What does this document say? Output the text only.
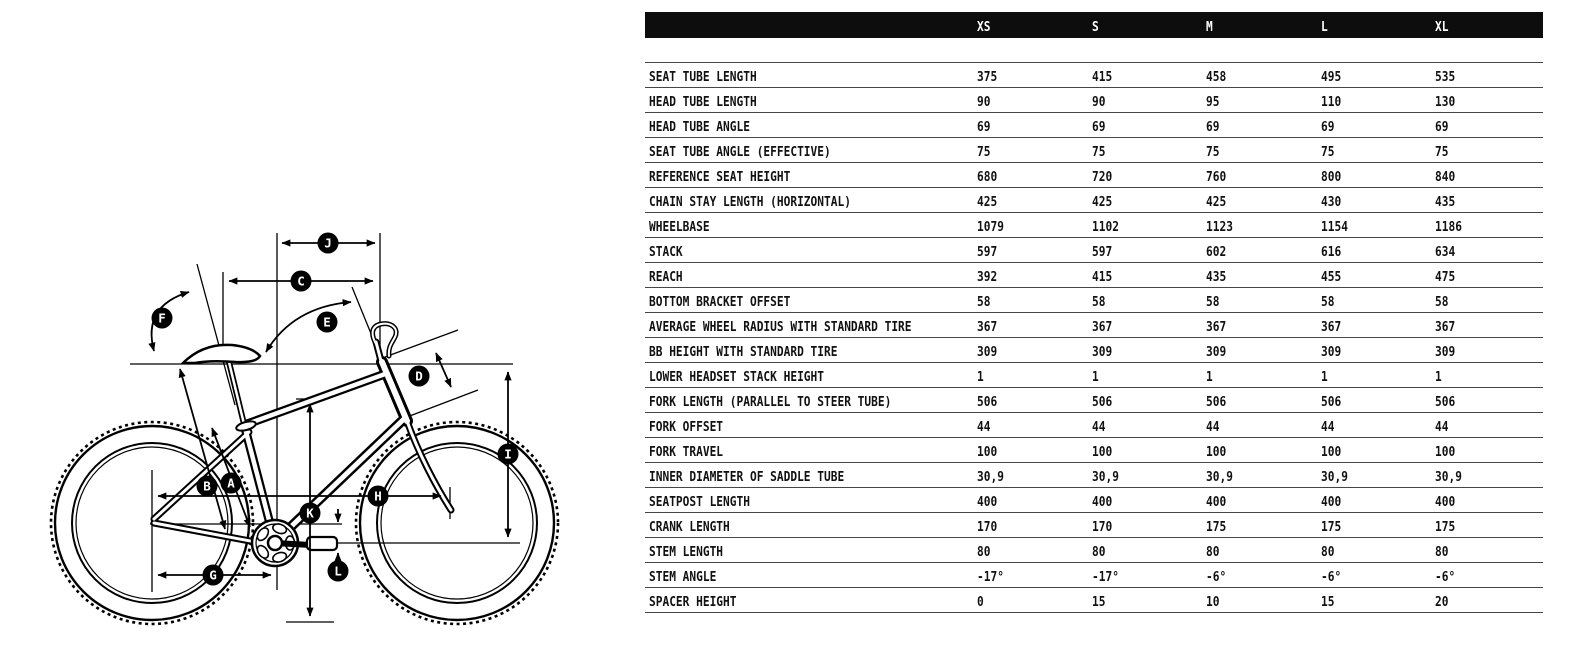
A
B
C
D
E
F
G
H
I
J
K
L
XS	S	M	L	XL
SEAT TUBE LENGTH	375	415	458	495	535
HEAD TUBE LENGTH	90	90	95	110	130
HEAD TUBE ANGLE	69	69	69	69	69
SEAT TUBE ANGLE (EFFECTIVE)	75	75	75	75	75
REFERENCE SEAT HEIGHT	680	720	760	800	840
CHAIN STAY LENGTH (HORIZONTAL)	425	425	425	430	435
WHEELBASE	1079	1102	1123	1154	1186
STACK	597	597	602	616	634
REACH	392	415	435	455	475
BOTTOM BRACKET OFFSET	58	58	58	58	58
AVERAGE WHEEL RADIUS WITH STANDARD TIRE	367	367	367	367	367
BB HEIGHT WITH STANDARD TIRE	309	309	309	309	309
LOWER HEADSET STACK HEIGHT	1	1	1	1	1
FORK LENGTH (PARALLEL TO STEER TUBE)	506	506	506	506	506
FORK OFFSET	44	44	44	44	44
FORK TRAVEL	100	100	100	100	100
INNER DIAMETER OF SADDLE TUBE	30,9	30,9	30,9	30,9	30,9
SEATPOST LENGTH	400	400	400	400	400
CRANK LENGTH	170	170	175	175	175
STEM LENGTH	80	80	80	80	80
STEM ANGLE	-17°	-17°	-6°	-6°	-6°
SPACER HEIGHT	0	15	10	15	20
